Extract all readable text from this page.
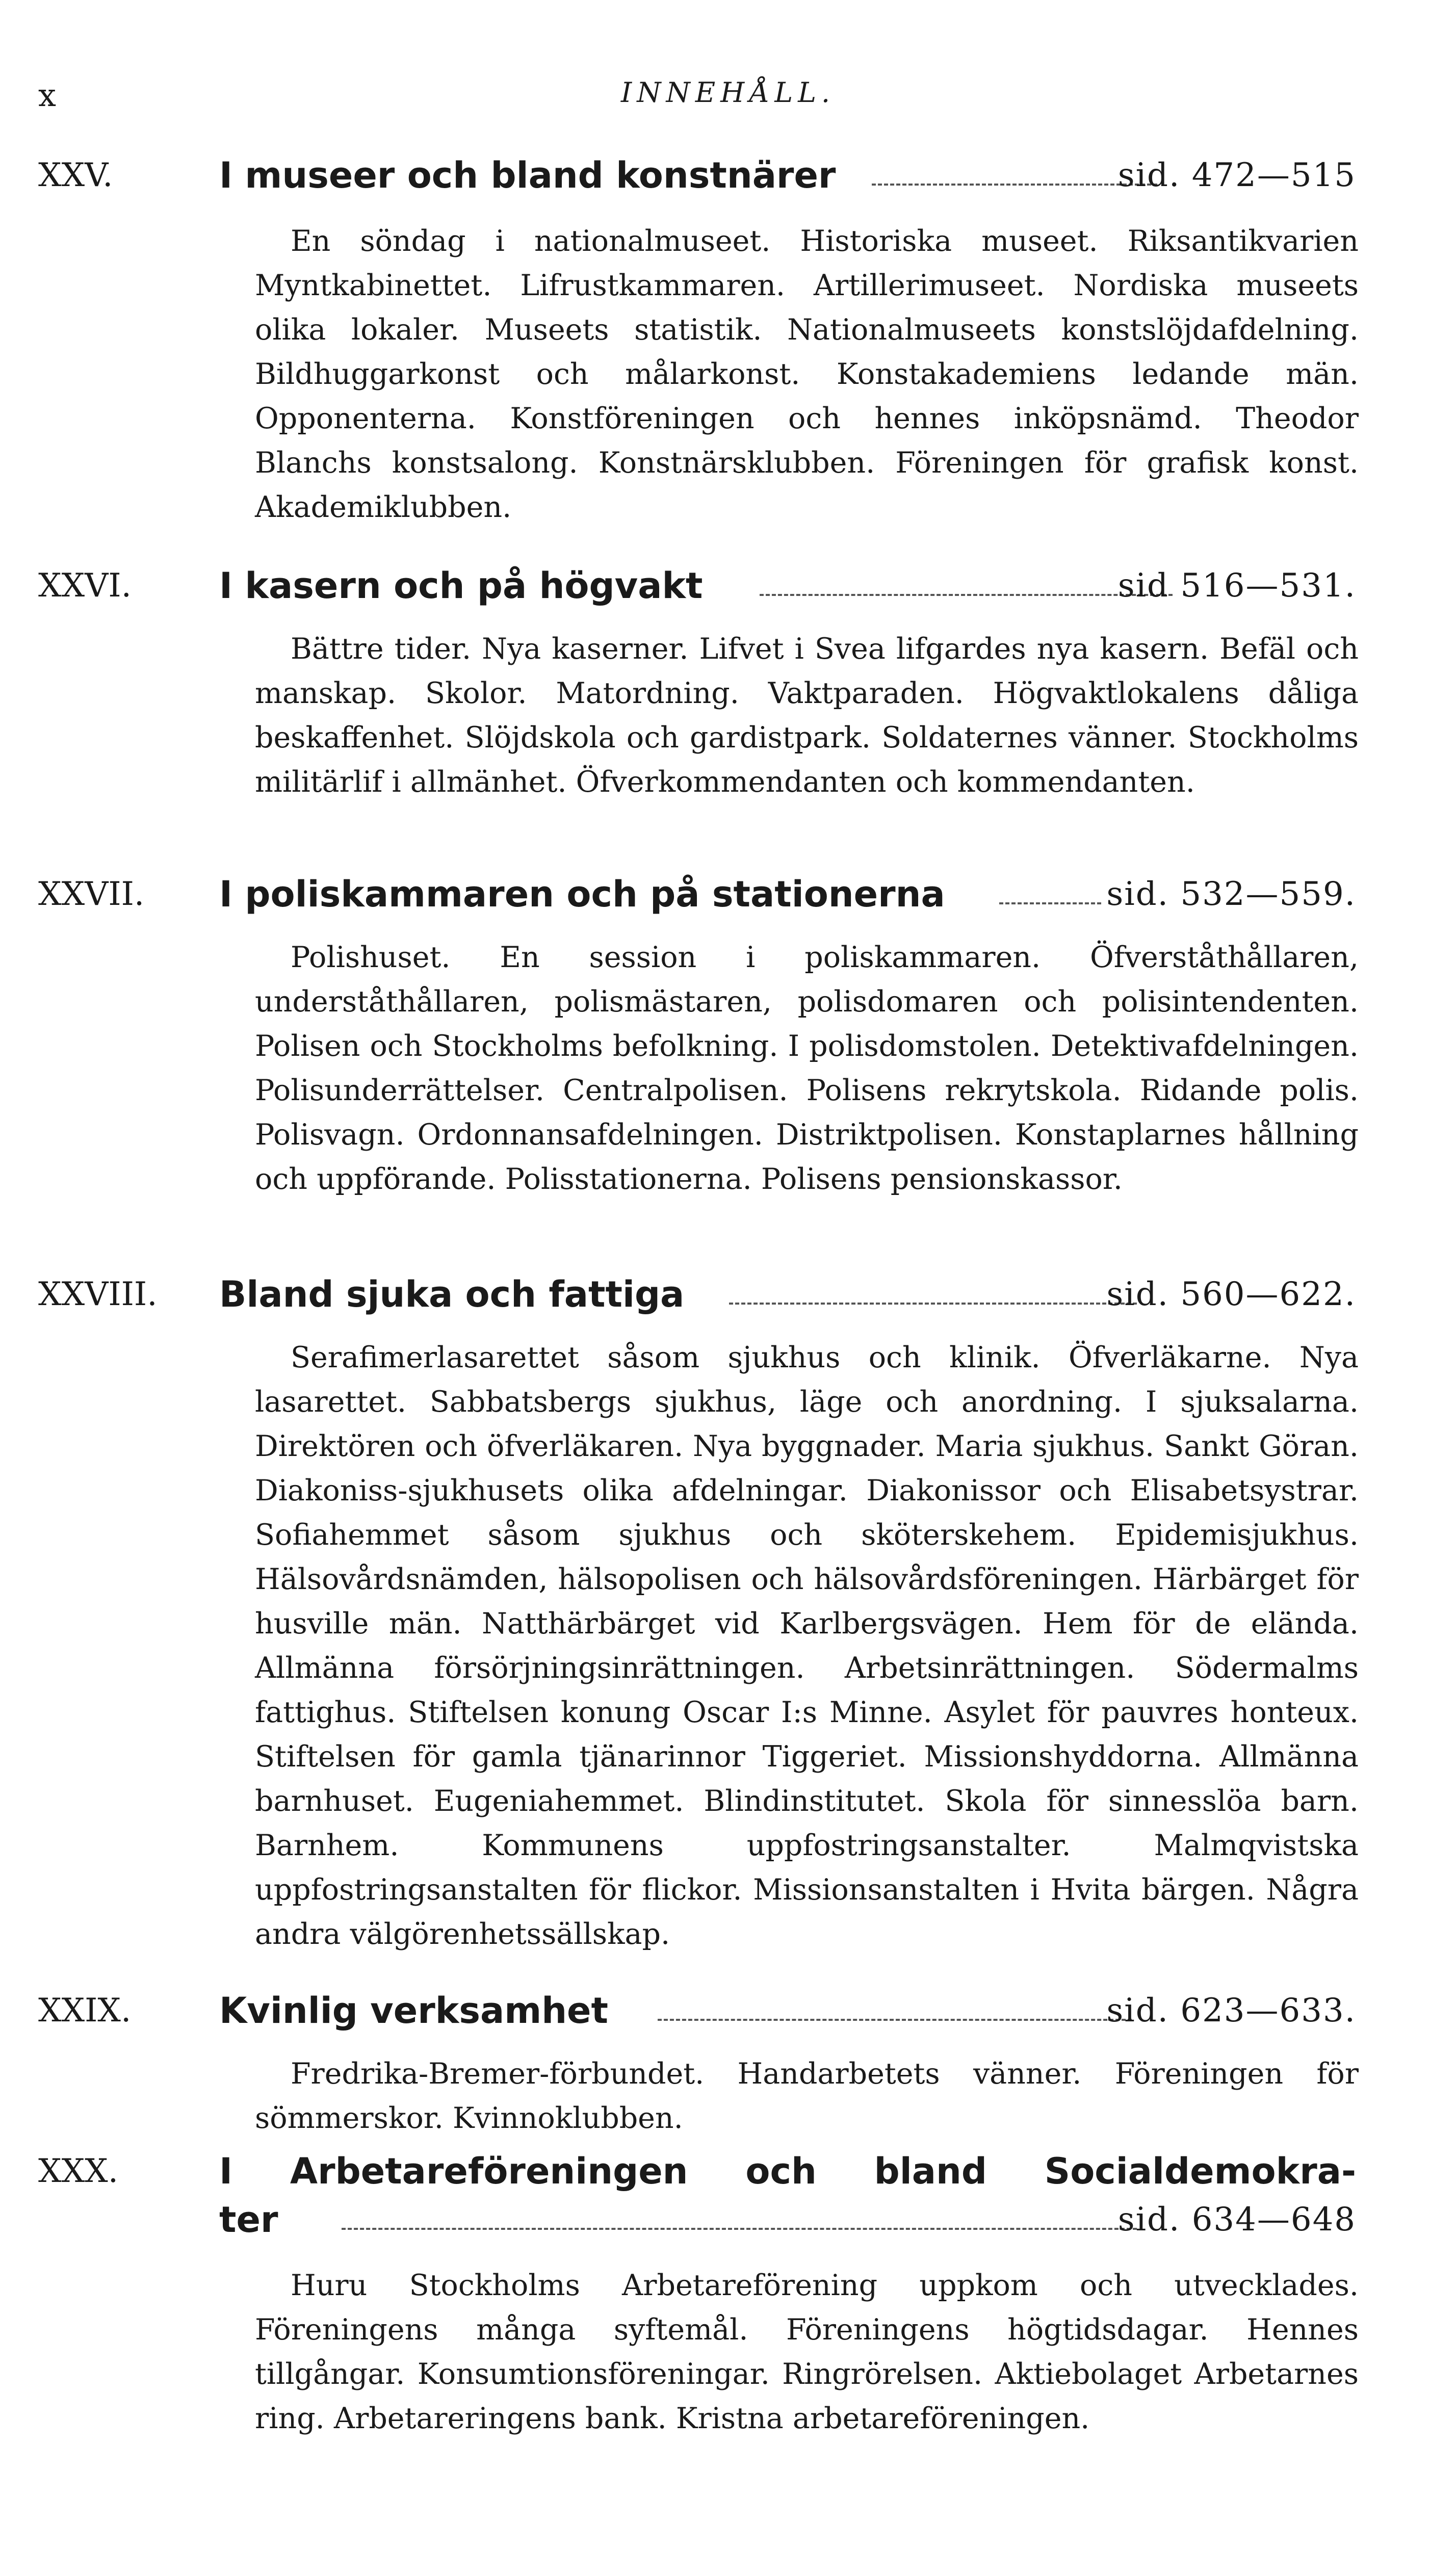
x	INNEHÅLL.
XXV.	I museer och bland konstnärer	sid. 472—515
En söndag i nationalmuseet. Historiska museet. Riksantikvarien Myntkabinettet. Lifrustkammaren. Artillerimuseet. Nordiska museets olika lokaler. Museets statistik. Nationalmuseets konstslöjdafdelning. Bildhuggarkonst och målarkonst. Konstakademiens ledande män. Opponenterna. Konstföreningen och hennes inköpsnämd. Theodor Blanchs konstsalong. Konstnärsklubben. Föreningen för grafisk konst. Akademiklubben.
XXVI. I kasern och på högvakt	sid 516—531.
Bättre tider. Nya kaserner. Lifvet i Svea lifgardes nya kasern. Befäl och manskap. Skolor. Matordning. Vaktparaden. Högvaktlokalens dåliga beskaffenhet. Slöjdskola och gardistpark. Soldaternes vänner. Stockholms militärlif i allmänhet. Öfverkommendanten och kommendanten.
XXVII. I poliskammaren och på stationerna	sid. 532—559.
Polishuset. En session i poliskammaren. Öfverståthållaren, underståthållaren, polismästaren, polisdomaren och polisintendenten. Polisen och Stockholms befolkning. I polisdomstolen. Detektivafdelningen. Polisunderrättelser. Centralpolisen. Polisens rekrytskola. Ridande polis. Polisvagn. Ordonnansafdelningen. Distriktpolisen. Konstaplarnes hållning och uppförande. Polisstationerna. Polisens pensionskassor.
XXVIII. Bland sjuka och fattiga	sid. 560—622.
Serafimerlasarettet såsom sjukhus och klinik. Öfverläkarne. Nya lasarettet. Sabbatsbergs sjukhus, läge och anordning. I sjuksalarna. Direktören och öfverläkaren. Nya byggnader. Maria sjukhus. Sankt Göran. Diakoniss-sjukhusets olika afdelningar. Diakonissor och Elisabetsystrar. Sofiahemmet såsom sjukhus och sköterskehem. Epidemisjukhus. Hälsovårdsnämden, hälsopolisen och hälsovårdsföreningen. Härbärget för husville män. Natthärbärget vid Karlbergsvägen. Hem för de elända. Allmänna försörjningsinrättningen. Arbetsinrättningen. Södermalms fattighus. Stiftelsen konung Oscar I:s Minne. Asylet för pauvres honteux. Stiftelsen för gamla tjänarinnor Tiggeriet. Missionshyddorna. Allmänna barnhuset. Eugeniahemmet. Blindinstitutet. Skola för sinnesslöa barn. Barnhem. Kommunens uppfostringsanstalter. Malmqvistska uppfostringsanstalten för flickor. Missionsanstalten i Hvita bärgen. Några andra välgörenhetssällskap.
XXIX. Kvinlig verksamhet	sid. 623—633.
Fredrika-Bremer-förbundet. Handarbetets vänner. Föreningen för sömmerskor. Kvinnoklubben.
XXX.	I Arbetareföreningen och bland Socialdemokra-
ter	sid. 634—648
Huru Stockholms Arbetareförening uppkom och utvecklades. Föreningens många syftemål. Föreningens högtidsdagar. Hennes tillgångar. Konsumtionsföreningar. Ringrörelsen. Aktiebolaget Arbetarnes ring. Arbetareringens bank. Kristna arbetareföreningen.
